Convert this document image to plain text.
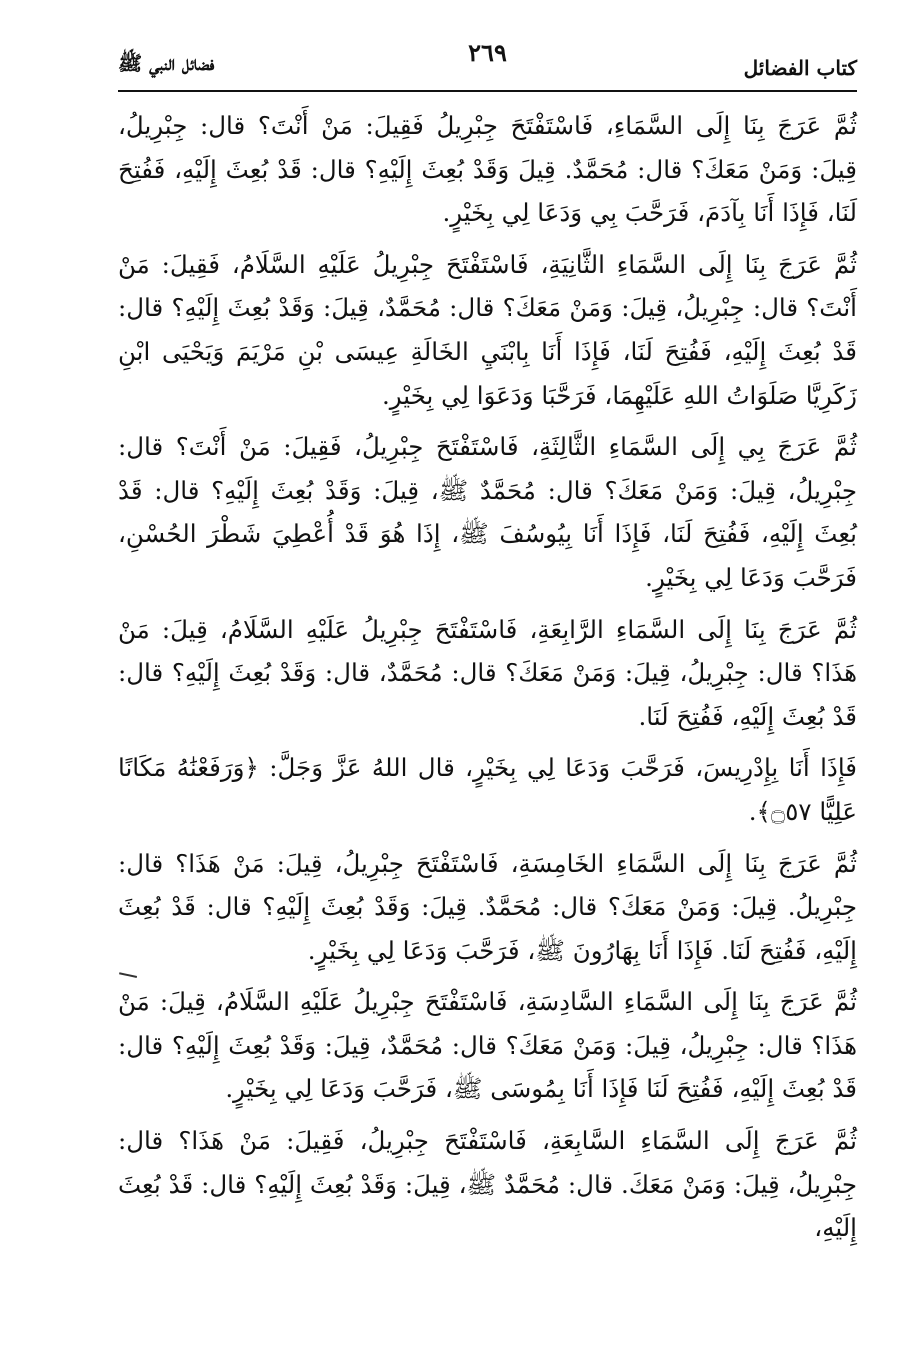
كتاب الفضائل
٢٦٩
فضائل النبي ﷺ

ثُمَّ عَرَجَ بِنَا إِلَى السَّمَاءِ، فَاسْتَفْتَحَ جِبْرِيلُ فَقِيلَ: مَنْ أَنْتَ؟ قال: جِبْرِيلُ، قِيلَ: وَمَنْ مَعَكَ؟ قال: مُحَمَّدٌ. قِيلَ وَقَدْ بُعِثَ إِلَيْهِ؟ قال: قَدْ بُعِثَ إِلَيْهِ، فَفُتِحَ لَنَا، فَإِذَا أَنَا بِآدَمَ، فَرَحَّبَ بِي وَدَعَا لِي بِخَيْرٍ.

ثُمَّ عَرَجَ بِنَا إِلَى السَّمَاءِ الثَّانِيَةِ، فَاسْتَفْتَحَ جِبْرِيلُ عَلَيْهِ السَّلَامُ، فَقِيلَ: مَنْ أَنْتَ؟ قال: جِبْرِيلُ، قِيلَ: وَمَنْ مَعَكَ؟ قال: مُحَمَّدٌ، قِيلَ: وَقَدْ بُعِثَ إِلَيْهِ؟ قال: قَدْ بُعِثَ إِلَيْهِ، فَفُتِحَ لَنَا، فَإِذَا أَنَا بِابْنَيِ الخَالَةِ عِيسَى بْنِ مَرْيَمَ وَيَحْيَى ابْنِ زَكَرِيَّا صَلَوَاتُ اللهِ عَلَيْهِمَا، فَرَحَّبَا وَدَعَوَا لِي بِخَيْرٍ.

ثُمَّ عَرَجَ بِي إِلَى السَّمَاءِ الثَّالِثَةِ، فَاسْتَفْتَحَ جِبْرِيلُ، فَقِيلَ: مَنْ أَنْتَ؟ قال: جِبْرِيلُ، قِيلَ: وَمَنْ مَعَكَ؟ قال: مُحَمَّدٌ ﷺ، قِيلَ: وَقَدْ بُعِثَ إِلَيْهِ؟ قال: قَدْ بُعِثَ إِلَيْهِ، فَفُتِحَ لَنَا، فَإِذَا أَنَا بِيُوسُفَ ﷺ، إِذَا هُوَ قَدْ أُعْطِيَ شَطْرَ الحُسْنِ، فَرَحَّبَ وَدَعَا لِي بِخَيْرٍ.

ثُمَّ عَرَجَ بِنَا إِلَى السَّمَاءِ الرَّابِعَةِ، فَاسْتَفْتَحَ جِبْرِيلُ عَلَيْهِ السَّلَامُ، قِيلَ: مَنْ هَذَا؟ قال: جِبْرِيلُ، قِيلَ: وَمَنْ مَعَكَ؟ قال: مُحَمَّدٌ، قال: وَقَدْ بُعِثَ إِلَيْهِ؟ قال: قَدْ بُعِثَ إِلَيْهِ، فَفُتِحَ لَنَا.

فَإِذَا أَنَا بِإِدْرِيسَ، فَرَحَّبَ وَدَعَا لِي بِخَيْرٍ، قال اللهُ عَزَّ وَجَلَّ: ﴿وَرَفَعْنَٰهُ مَكَانًا عَلِيًّا ۝٥٧﴾.

ثُمَّ عَرَجَ بِنَا إِلَى السَّمَاءِ الخَامِسَةِ، فَاسْتَفْتَحَ جِبْرِيلُ، قِيلَ: مَنْ هَذَا؟ قال: جِبْرِيلُ. قِيلَ: وَمَنْ مَعَكَ؟ قال: مُحَمَّدٌ. قِيلَ: وَقَدْ بُعِثَ إِلَيْهِ؟ قال: قَدْ بُعِثَ إِلَيْهِ، فَفُتِحَ لَنَا. فَإِذَا أَنَا بِهَارُونَ ﷺ، فَرَحَّبَ وَدَعَا لِي بِخَيْرٍ.

ثُمَّ عَرَجَ بِنَا إِلَى السَّمَاءِ السَّادِسَةِ، فَاسْتَفْتَحَ جِبْرِيلُ عَلَيْهِ السَّلَامُ، قِيلَ: مَنْ هَذَا؟ قال: جِبْرِيلُ، قِيلَ: وَمَنْ مَعَكَ؟ قال: مُحَمَّدٌ، قِيلَ: وَقَدْ بُعِثَ إِلَيْهِ؟ قال: قَدْ بُعِثَ إِلَيْهِ، فَفُتِحَ لَنَا فَإِذَا أَنَا بِمُوسَى ﷺ، فَرَحَّبَ وَدَعَا لِي بِخَيْرٍ.

ثُمَّ عَرَجَ إِلَى السَّمَاءِ السَّابِعَةِ، فَاسْتَفْتَحَ جِبْرِيلُ، فَقِيلَ: مَنْ هَذَا؟ قال: جِبْرِيلُ، قِيلَ: وَمَنْ مَعَكَ. قال: مُحَمَّدٌ ﷺ، قِيلَ: وَقَدْ بُعِثَ إِلَيْهِ؟ قال: قَدْ بُعِثَ إِلَيْهِ،
